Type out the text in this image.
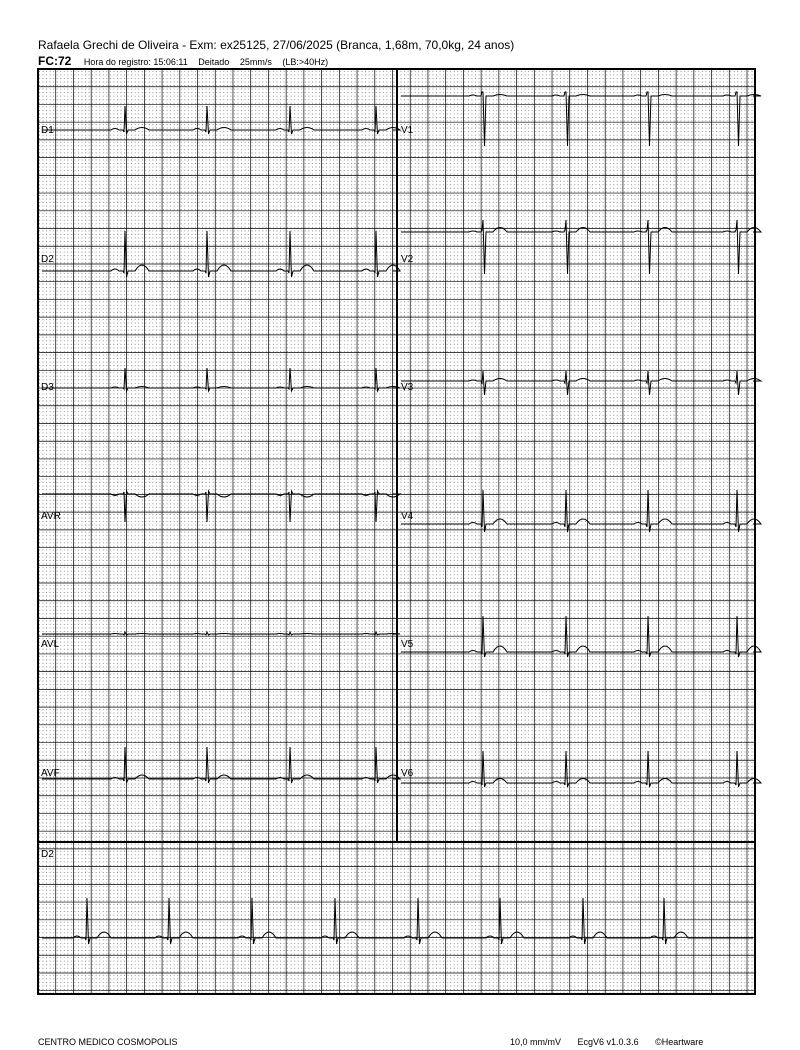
Rafaela Grechi de Oliveira - Exm: ex25125, 27/06/2025 (Branca, 1,68m, 70,0kg, 24 anos)
FC:72 Hora do registro: 15:06:11 Deitado 25mm/s (LB:>40Hz)
D1
D2
D3
AVR
AVL
AVF
V1
V2
V3
V4
V5
V6
D2
CENTRO MEDICO COSMOPOLIS	10,0 mm/mV EcgV6 v1.0.3.6 ©Heartware
